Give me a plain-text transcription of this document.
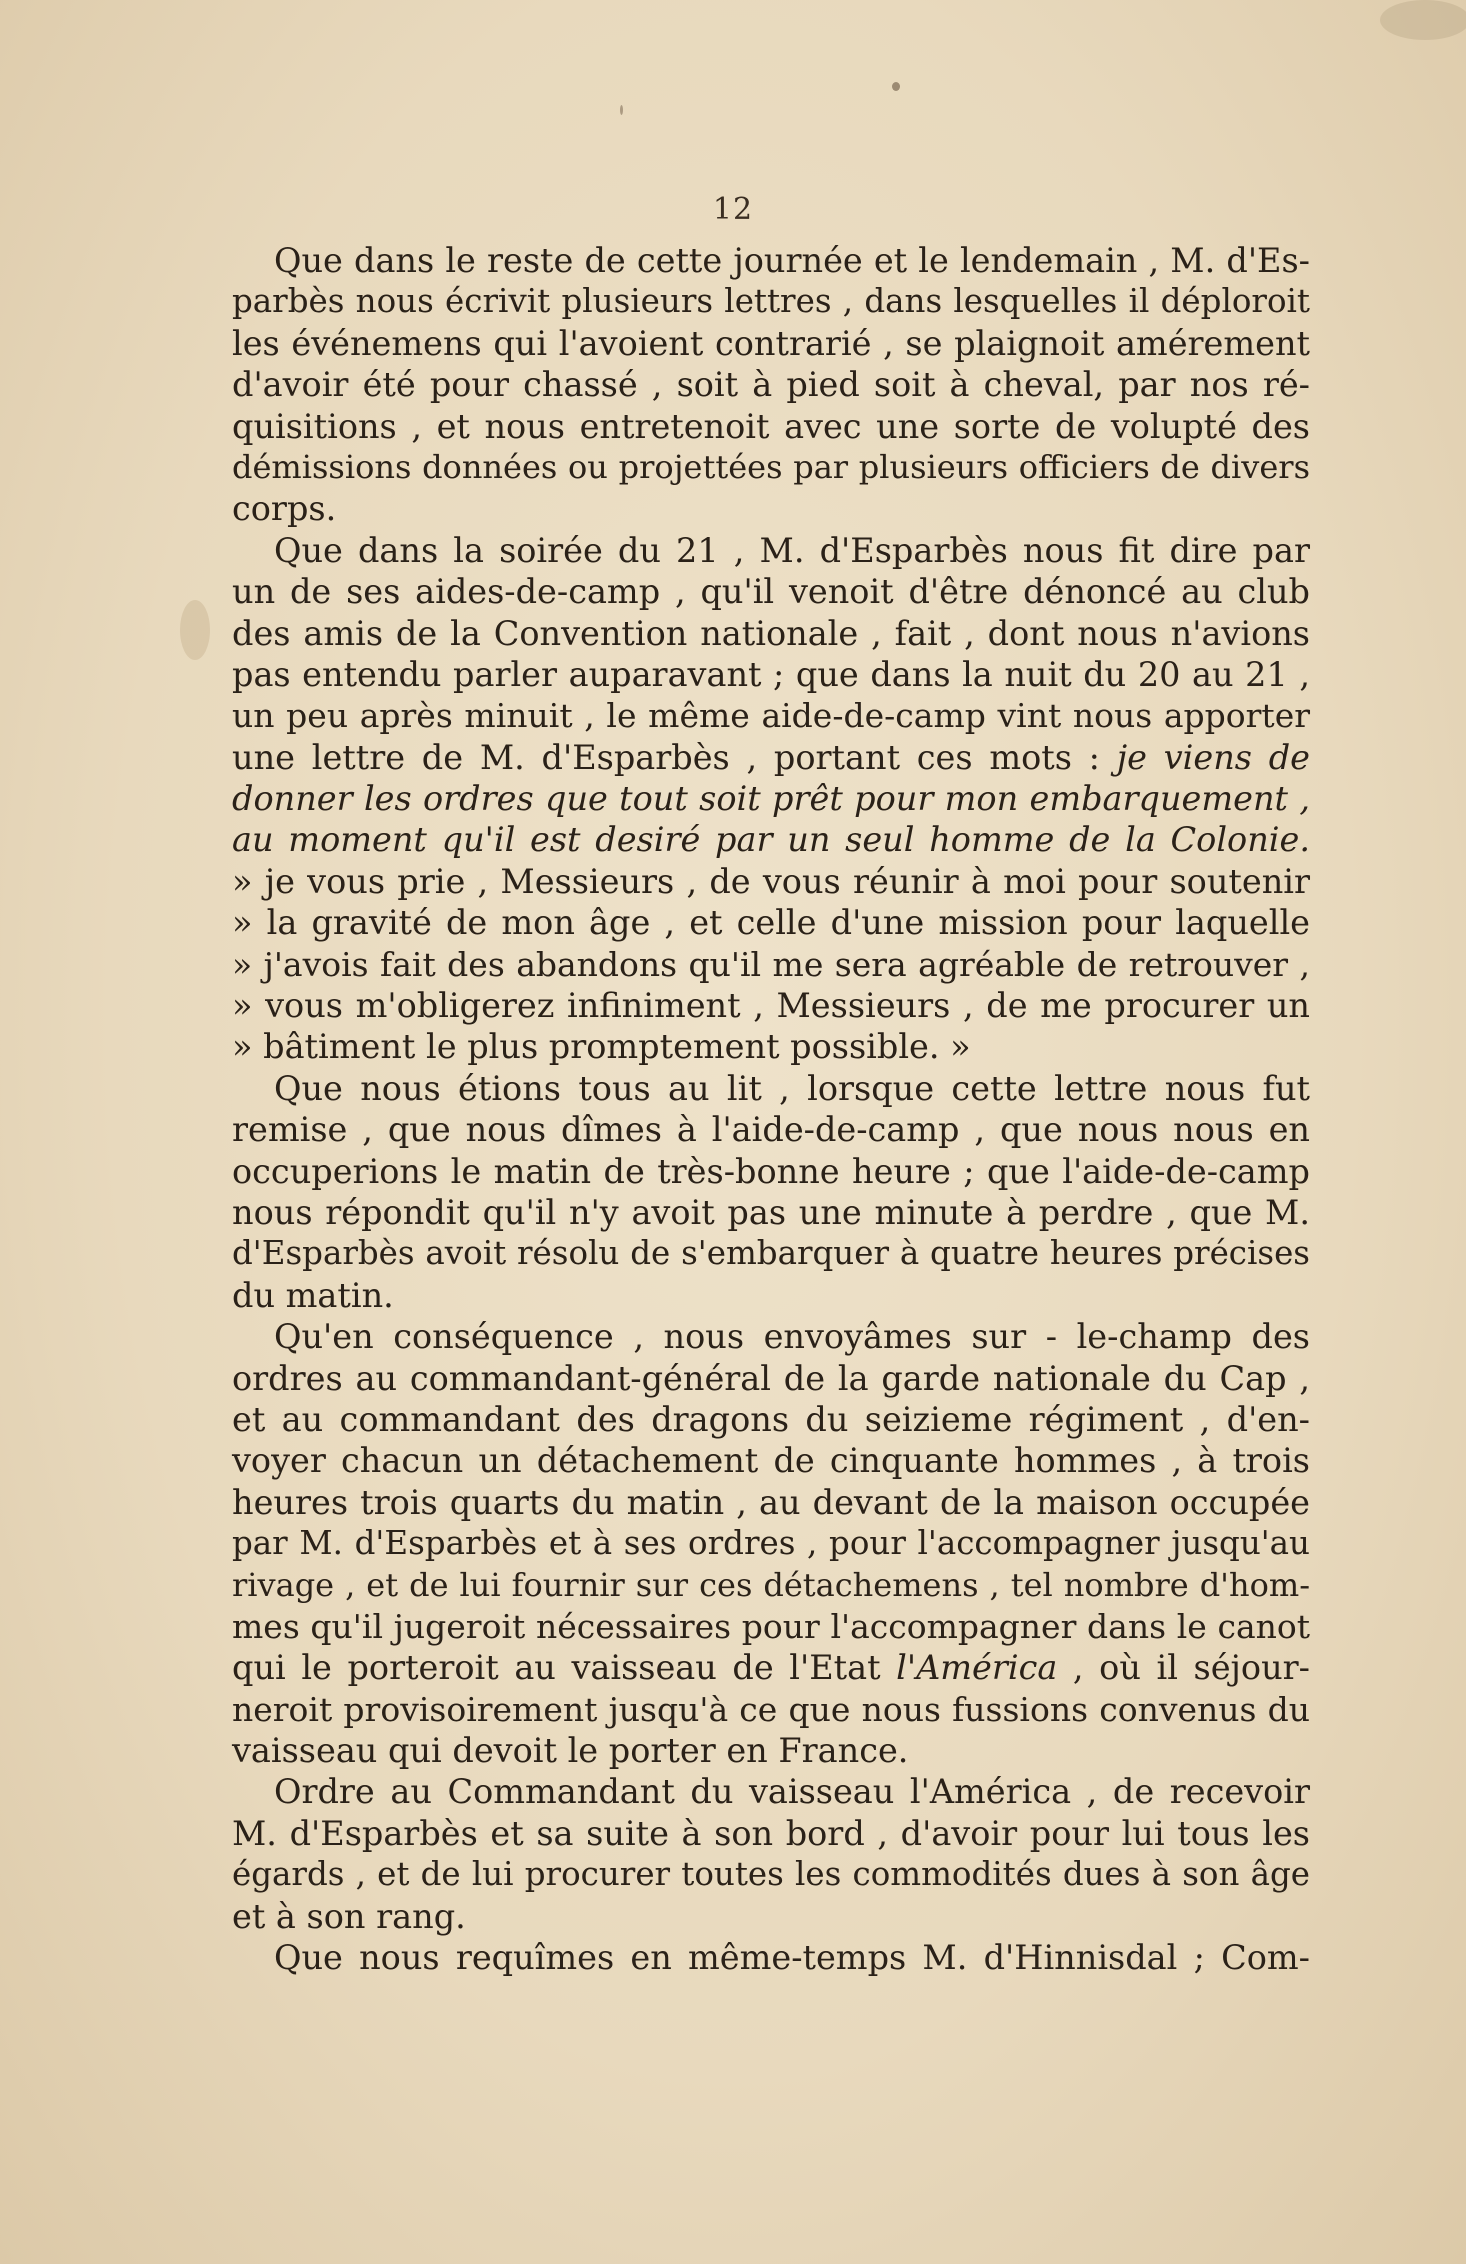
12
Que dans le reste de cette journée et le lendemain , M. d'Es-
parbès nous écrivit plusieurs lettres , dans lesquelles il déploroit
les événemens qui l'avoient contrarié , se plaignoit amérement
d'avoir été pour chassé , soit à pied soit à cheval, par nos ré-
quisitions , et nous entretenoit avec une sorte de volupté des
démissions données ou projettées par plusieurs officiers de divers
corps.
Que dans la soirée du 21 , M. d'Esparbès nous fit dire par
un de ses aides-de-camp , qu'il venoit d'être dénoncé au club
des amis de la Convention nationale , fait , dont nous n'avions
pas entendu parler auparavant ; que dans la nuit du 20 au 21 ,
un peu après minuit , le même aide-de-camp vint nous apporter
une lettre de M. d'Esparbès , portant ces mots : je viens de
donner les ordres que tout soit prêt pour mon embarquement ,
au moment qu'il est desiré par un seul homme de la Colonie.
» je vous prie , Messieurs , de vous réunir à moi pour soutenir
» la gravité de mon âge , et celle d'une mission pour laquelle
» j'avois fait des abandons qu'il me sera agréable de retrouver ,
» vous m'obligerez infiniment , Messieurs , de me procurer un
» bâtiment le plus promptement possible. »
Que nous étions tous au lit , lorsque cette lettre nous fut
remise , que nous dîmes à l'aide-de-camp , que nous nous en
occuperions le matin de très-bonne heure ; que l'aide-de-camp
nous répondit qu'il n'y avoit pas une minute à perdre , que M.
d'Esparbès avoit résolu de s'embarquer à quatre heures précises
du matin.
Qu'en conséquence , nous envoyâmes sur - le-champ des
ordres au commandant-général de la garde nationale du Cap ,
et au commandant des dragons du seizieme régiment , d'en-
voyer chacun un détachement de cinquante hommes , à trois
heures trois quarts du matin , au devant de la maison occupée
par M. d'Esparbès et à ses ordres , pour l'accompagner jusqu'au
rivage , et de lui fournir sur ces détachemens , tel nombre d'hom-
mes qu'il jugeroit nécessaires pour l'accompagner dans le canot
qui le porteroit au vaisseau de l'Etat l'América , où il séjour-
neroit provisoirement jusqu'à ce que nous fussions convenus du
vaisseau qui devoit le porter en France.
Ordre au Commandant du vaisseau l'América , de recevoir
M. d'Esparbès et sa suite à son bord , d'avoir pour lui tous les
égards , et de lui procurer toutes les commodités dues à son âge
et à son rang.
Que nous requîmes en même-temps M. d'Hinnisdal ; Com-
